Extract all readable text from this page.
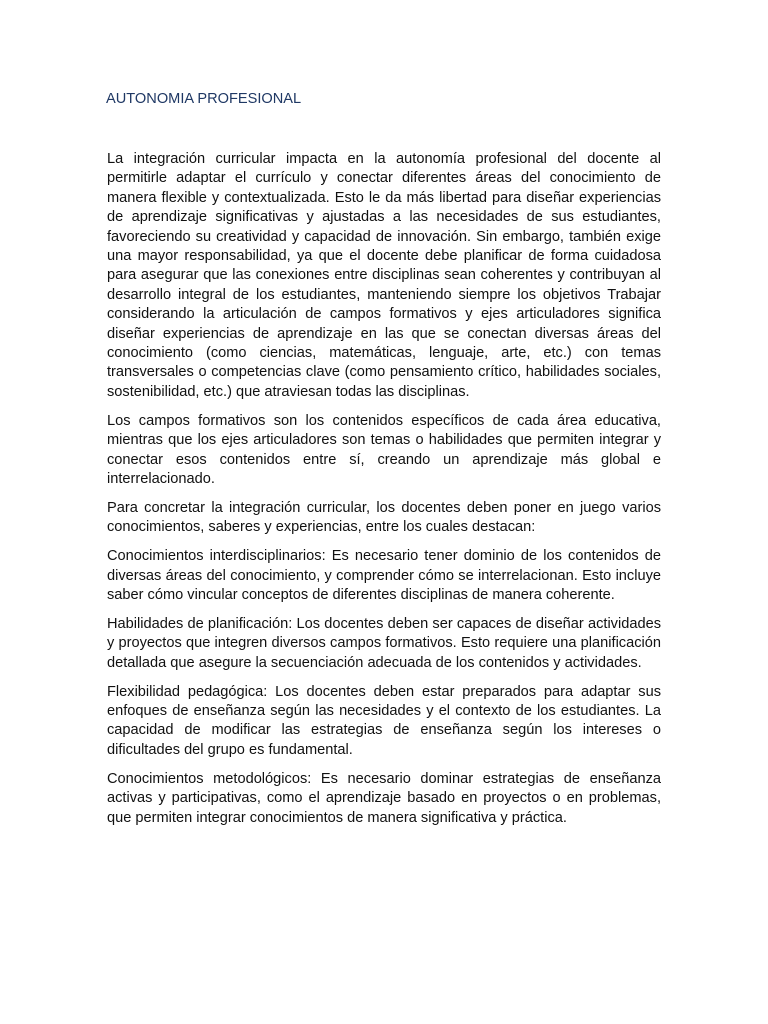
AUTONOMIA PROFESIONAL

La integración curricular impacta en la autonomía profesional del docente al permitirle adaptar el currículo y conectar diferentes áreas del conocimiento de manera flexible y contextualizada. Esto le da más libertad para diseñar experiencias de aprendizaje significativas y ajustadas a las necesidades de sus estudiantes, favoreciendo su creatividad y capacidad de innovación. Sin embargo, también exige una mayor responsabilidad, ya que el docente debe planificar de forma cuidadosa para asegurar que las conexiones entre disciplinas sean coherentes y contribuyan al desarrollo integral de los estudiantes, manteniendo siempre los objetivos Trabajar considerando la articulación de campos formativos y ejes articuladores significa diseñar experiencias de aprendizaje en las que se conectan diversas áreas del conocimiento (como ciencias, matemáticas, lenguaje, arte, etc.) con temas transversales o competencias clave (como pensamiento crítico, habilidades sociales, sostenibilidad, etc.) que atraviesan todas las disciplinas.

Los campos formativos son los contenidos específicos de cada área educativa, mientras que los ejes articuladores son temas o habilidades que permiten integrar y conectar esos contenidos entre sí, creando un aprendizaje más global e interrelacionado.

Para concretar la integración curricular, los docentes deben poner en juego varios conocimientos, saberes y experiencias, entre los cuales destacan:

Conocimientos interdisciplinarios: Es necesario tener dominio de los contenidos de diversas áreas del conocimiento, y comprender cómo se interrelacionan. Esto incluye saber cómo vincular conceptos de diferentes disciplinas de manera coherente.

Habilidades de planificación: Los docentes deben ser capaces de diseñar actividades y proyectos que integren diversos campos formativos. Esto requiere una planificación detallada que asegure la secuenciación adecuada de los contenidos y actividades.

Flexibilidad pedagógica: Los docentes deben estar preparados para adaptar sus enfoques de enseñanza según las necesidades y el contexto de los estudiantes. La capacidad de modificar las estrategias de enseñanza según los intereses o dificultades del grupo es fundamental.

Conocimientos metodológicos: Es necesario dominar estrategias de enseñanza activas y participativas, como el aprendizaje basado en proyectos o en problemas, que permiten integrar conocimientos de manera significativa y práctica.
